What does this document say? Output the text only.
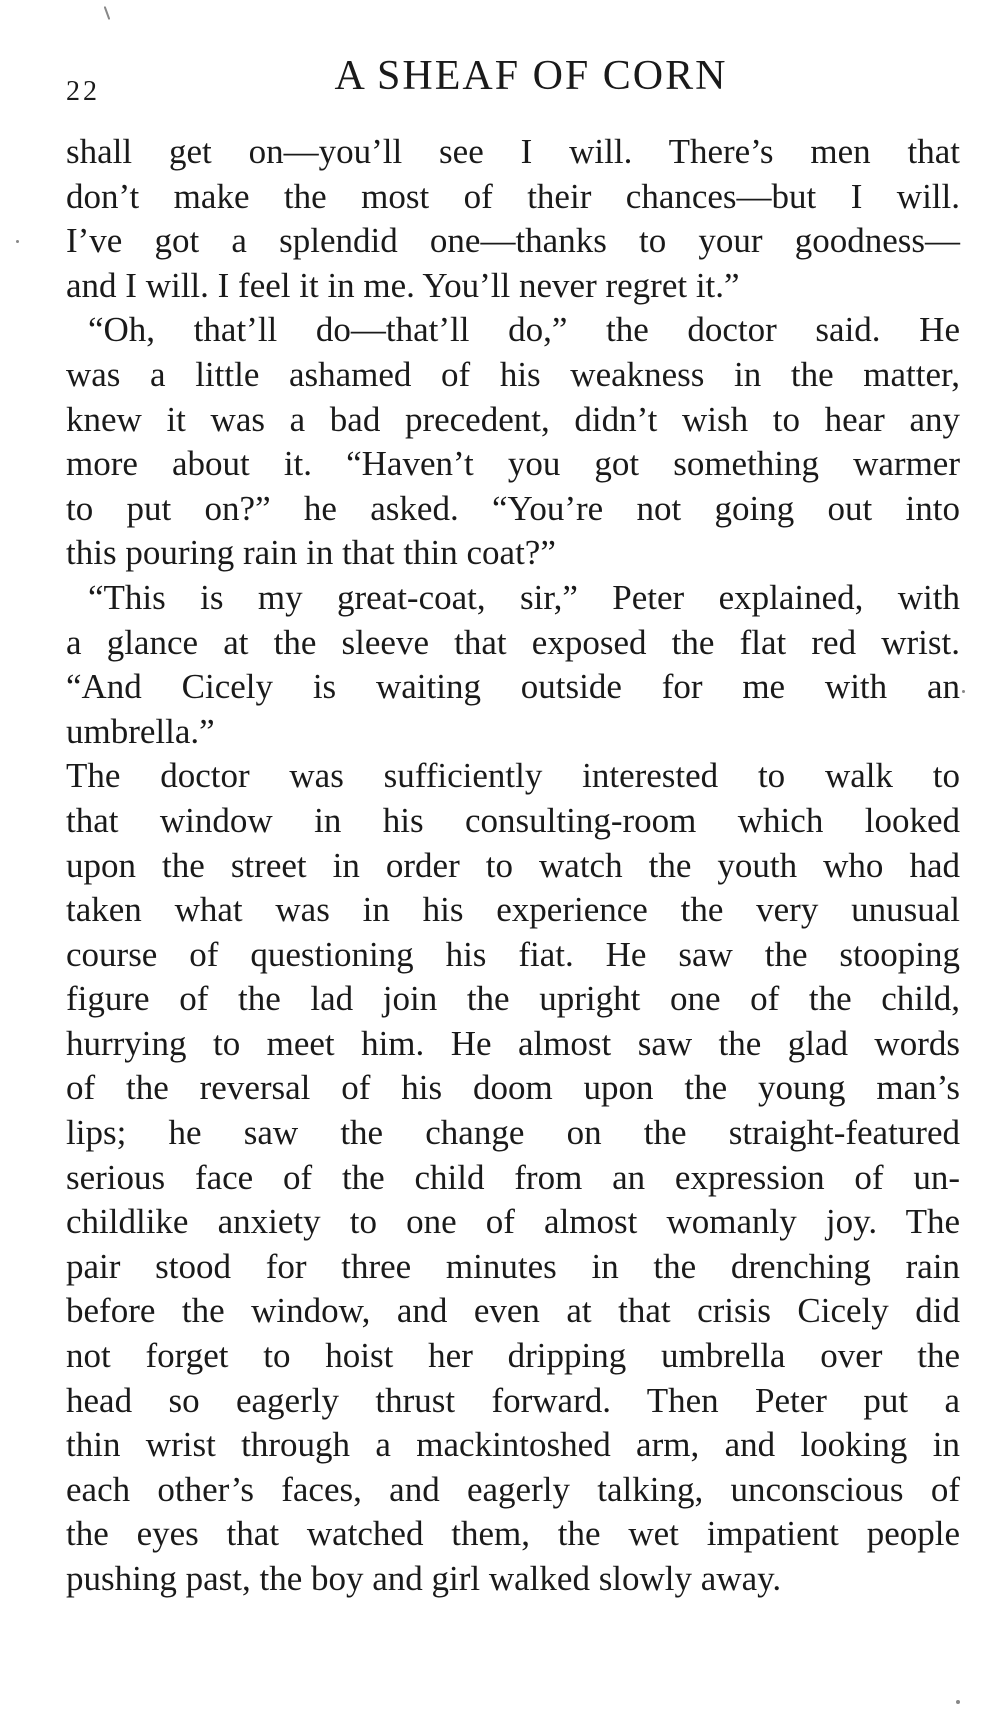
22	A SHEAF OF CORN
shall get on—you’ll see I will. There’s men that
don’t make the most of their chances—but I will.
I’ve got a splendid one—thanks to your goodness—
and I will. I feel it in me. You’ll never regret it.”
“Oh, that’ll do—that’ll do,” the doctor said. He
was a little ashamed of his weakness in the matter,
knew it was a bad precedent, didn’t wish to hear any
more about it. “Haven’t you got something warmer
to put on?” he asked. “You’re not going out into
this pouring rain in that thin coat?”
“This is my great-coat, sir,” Peter explained, with
a glance at the sleeve that exposed the flat red wrist.
“And Cicely is waiting outside for me with an
umbrella.”
The doctor was sufficiently interested to walk to
that window in his consulting-room which looked
upon the street in order to watch the youth who had
taken what was in his experience the very unusual
course of questioning his fiat. He saw the stooping
figure of the lad join the upright one of the child,
hurrying to meet him. He almost saw the glad words
of the reversal of his doom upon the young man’s
lips; he saw the change on the straight-featured
serious face of the child from an expression of un-
childlike anxiety to one of almost womanly joy. The
pair stood for three minutes in the drenching rain
before the window, and even at that crisis Cicely did
not forget to hoist her dripping umbrella over the
head so eagerly thrust forward. Then Peter put a
thin wrist through a mackintoshed arm, and looking in
each other’s faces, and eagerly talking, unconscious of
the eyes that watched them, the wet impatient people
pushing past, the boy and girl walked slowly away.
